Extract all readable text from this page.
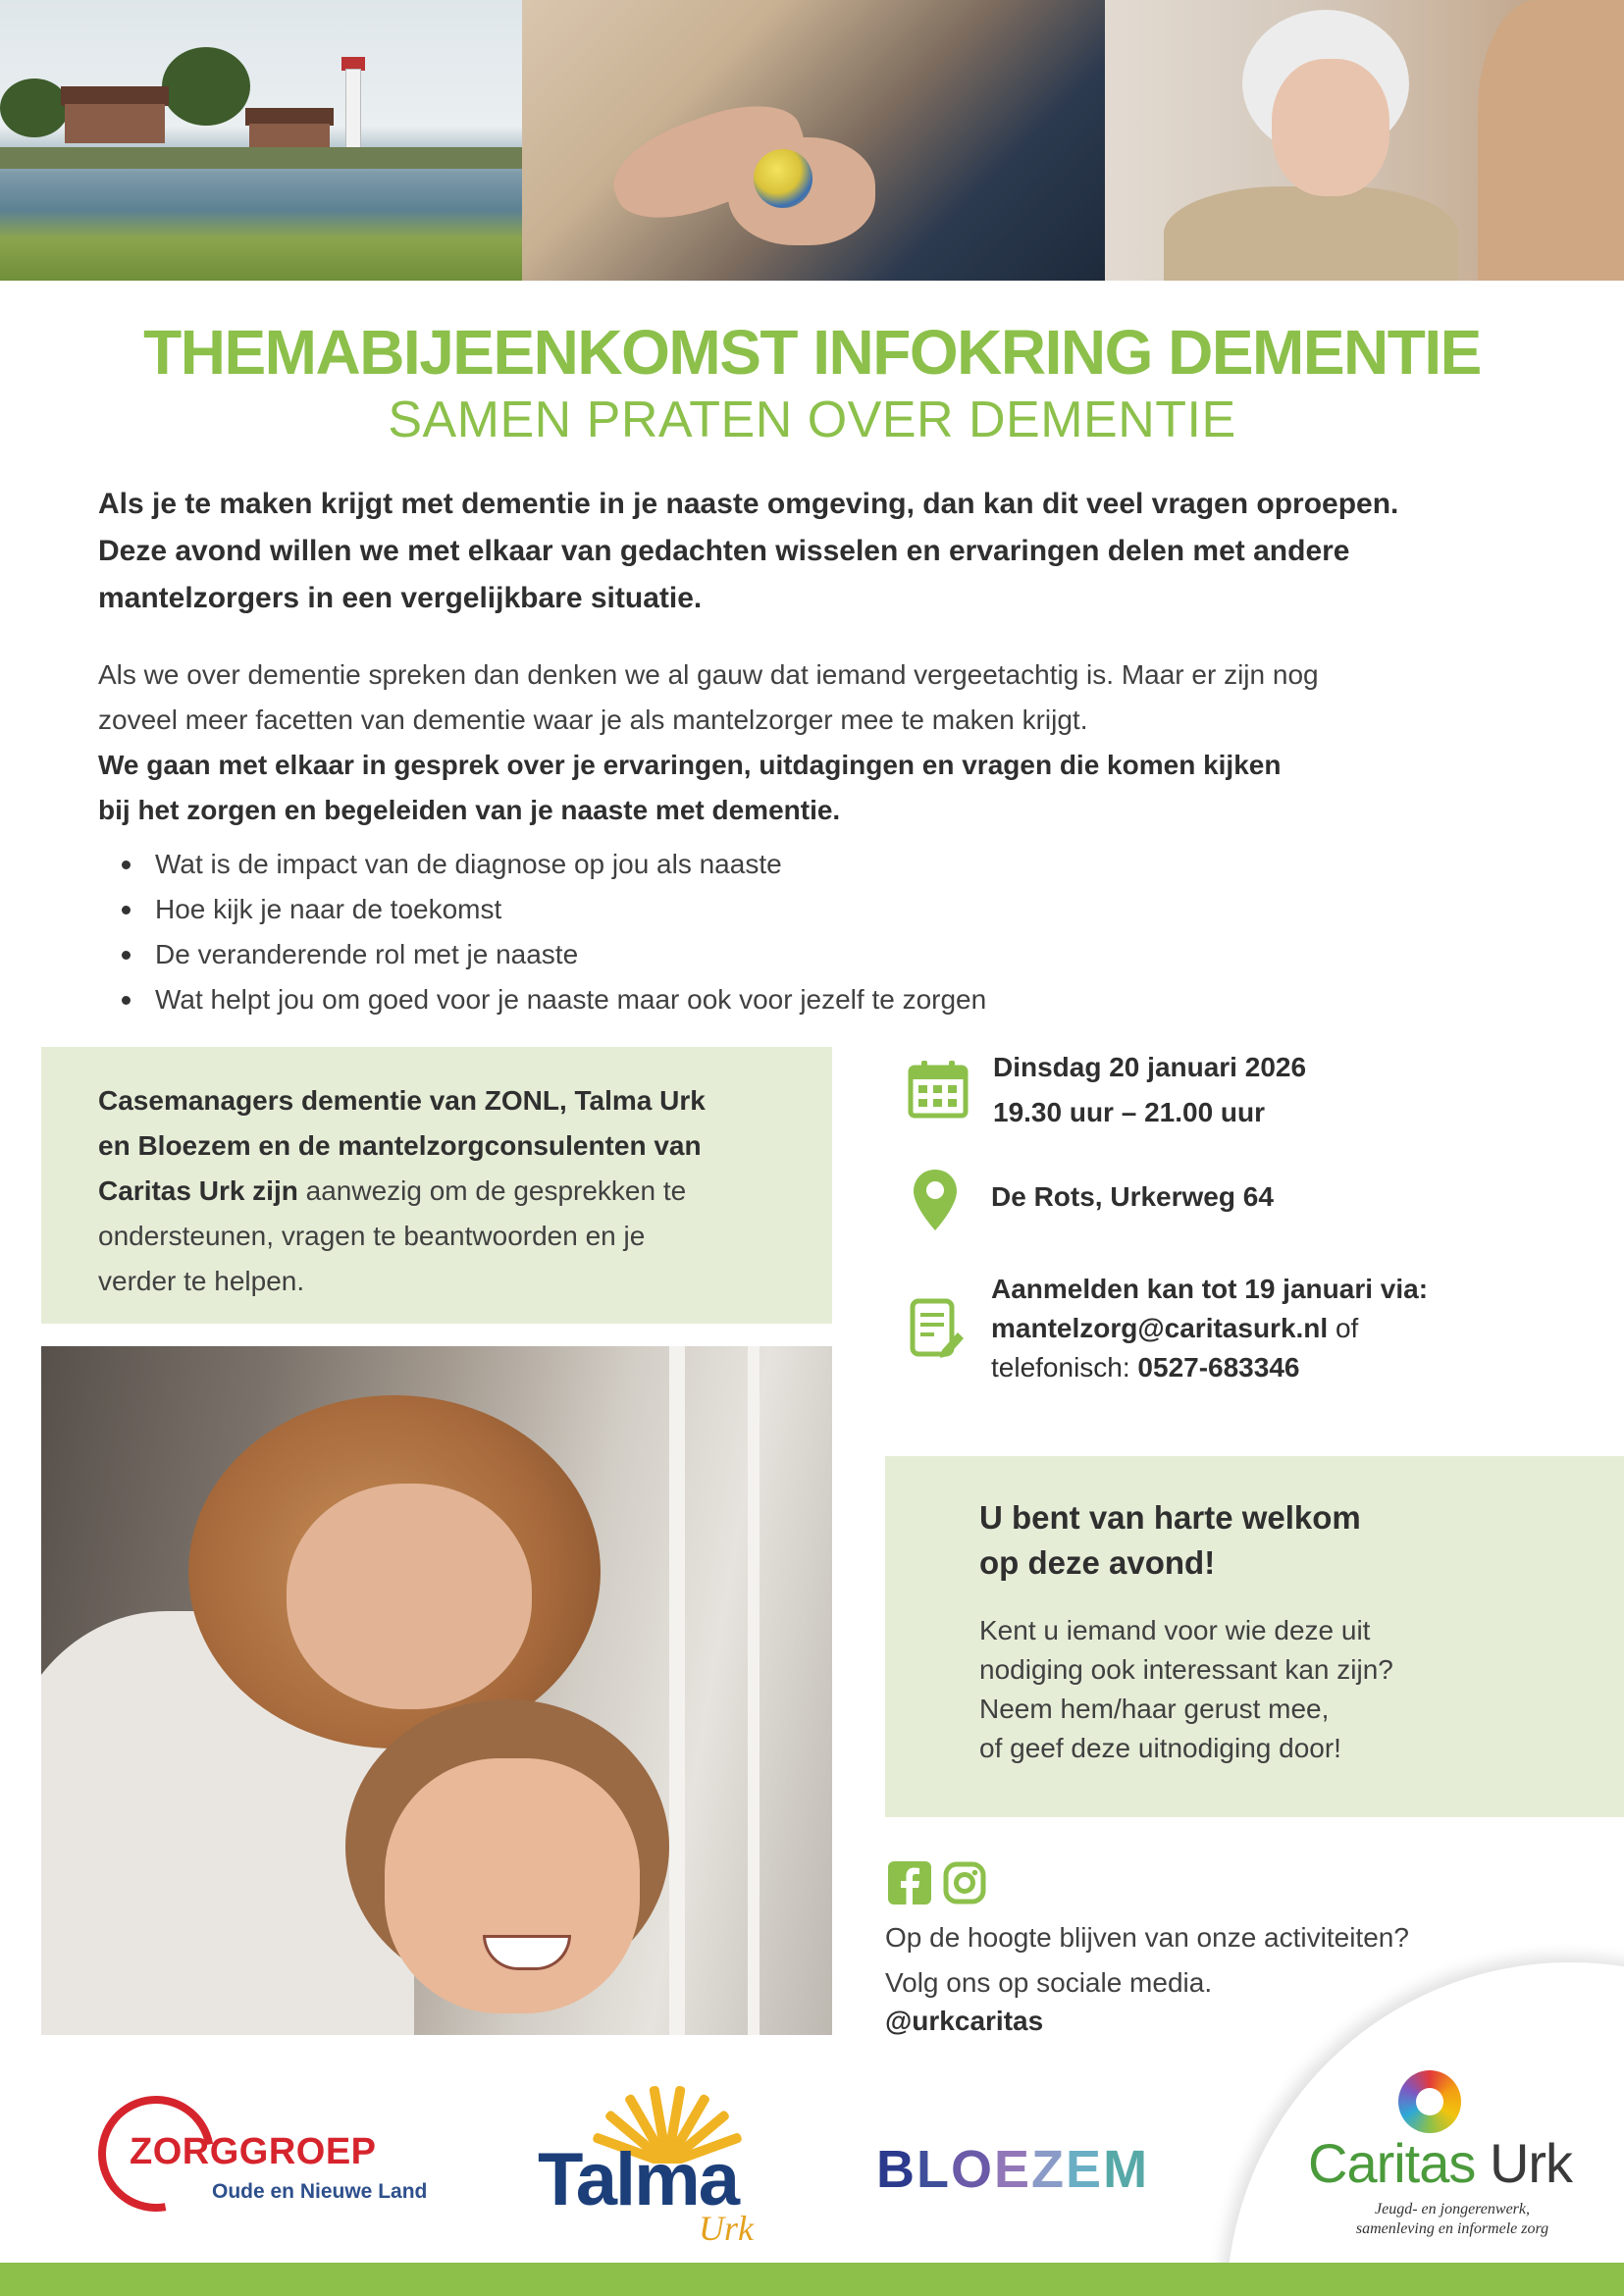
THEMABIJEENKOMST INFOKRING DEMENTIE
SAMEN PRATEN OVER DEMENTIE
Als je te maken krijgt met dementie in je naaste omgeving, dan kan dit veel vragen oproepen.
Deze avond willen we met elkaar van gedachten wisselen en ervaringen delen met andere
mantelzorgers in een vergelijkbare situatie.
Als we over dementie spreken dan denken we al gauw dat iemand vergeetachtig is. Maar er zijn nog
zoveel meer facetten van dementie waar je als mantelzorger mee te maken krijgt.
We gaan met elkaar in gesprek over je ervaringen, uitdagingen en vragen die komen kijken
bij het zorgen en begeleiden van je naaste met dementie.
Wat is de impact van de diagnose op jou als naaste
Hoe kijk je naar de toekomst
De veranderende rol met je naaste
Wat helpt jou om goed voor je naaste maar ook voor jezelf te zorgen
Casemanagers dementie van ZONL, Talma Urk
en Bloezem en de mantelzorgconsulenten van
Caritas Urk zijn aanwezig om de gesprekken te
ondersteunen, vragen te beantwoorden en je
verder te helpen.
Dinsdag 20 januari 2026
19.30 uur – 21.00 uur
De Rots, Urkerweg 64
Aanmelden kan tot 19 januari via:
mantelzorg@caritasurk.nl of
telefonisch: 0527-683346
U bent van harte welkom
op deze avond!
Kent u iemand voor wie deze uit
nodiging ook interessant kan zijn?
Neem hem/haar gerust mee,
of geef deze uitnodiging door!
Op de hoogte blijven van onze activiteiten?
Volg ons op sociale media.
@urkcaritas
ZORGGROEP
Oude en Nieuwe Land Talma
Urk
BLOEZEM	Caritas Urk
Jeugd- en jongerenwerk,
samenleving en informele zorg
